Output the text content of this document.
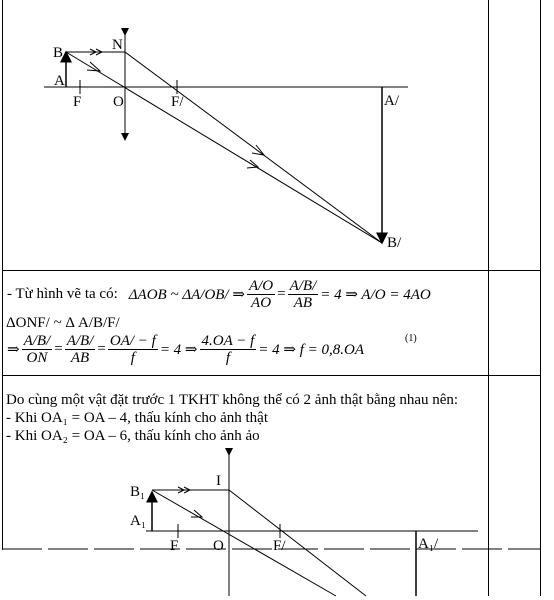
B	N
A
F O	F/	A/
B/
- Từ hình vẽ ta có: ΔAOB ~ ΔA/OB/ ⇒ $\frac{A/O}{AO} = \frac{A/B/}{AB} = 4$ ⇒ A/O = 4AO
ΔONF/ ~ Δ A/B/F/
⇒ $\frac{A/B/}{ON} = \frac{A/B/}{AB} = \frac{OA/ - f}{f} = 4$ ⇒ $\frac{4.OA - f}{f} = 4$ ⇒ f = 0,8.OA
(1)
Do cùng một vật đặt trước 1 TKHT không thể có 2 ảnh thật bằng nhau nên:
- Khi OA₁ = OA – 4, thấu kính cho ảnh thật
- Khi OA₂ = OA – 6, thấu kính cho ảnh ảo
B₁
I
A₁
F O	F/	A₁/
